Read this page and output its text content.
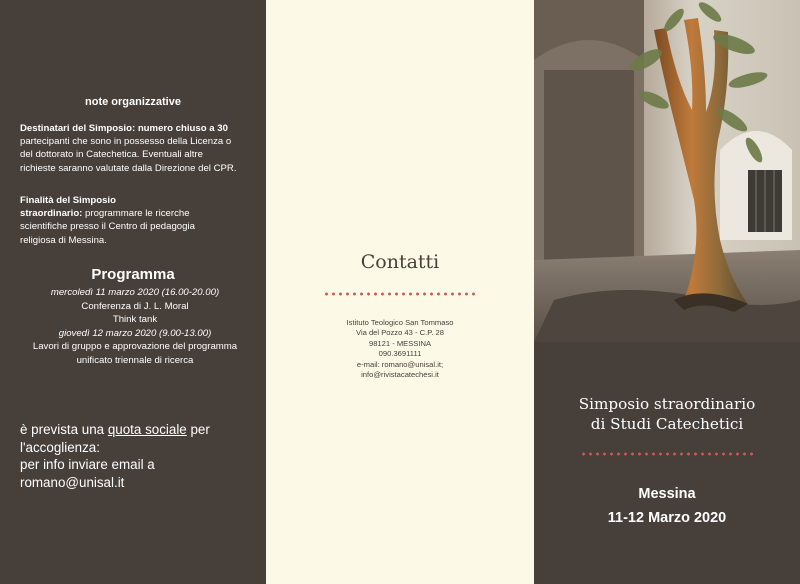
note organizzative
Destinatari del Simposio: numero chiuso a 30
partecipanti che sono in possesso della Licenza o
del dottorato in Catechetica. Eventuali altre
richieste saranno valutate dalla Direzione del CPR.
Finalità del Simposio
straordinario: programmare le ricerche
scientifiche presso il Centro di pedagogia
religiosa di Messina.
Programma
mercoledì 11 marzo 2020 (16.00-20.00)
Conferenza di J. L. Moral
Think tank
giovedì 12 marzo 2020 (9.00-13.00)
Lavori di gruppo e approvazione del programma
unificato triennale di ricerca
è prevista una quota sociale per
l'accoglienza:
per info inviare email a
romano@unisal.it
Contatti
Istituto Teologico San Tommaso
Via del Pozzo 43 - C.P. 28
98121 - MESSINA
090.3691111
e-mail: romano@unisal.it;
info@rivistacatechesi.it
Simposio straordinario
di Studi Catechetici
Messina
11-12 Marzo 2020
